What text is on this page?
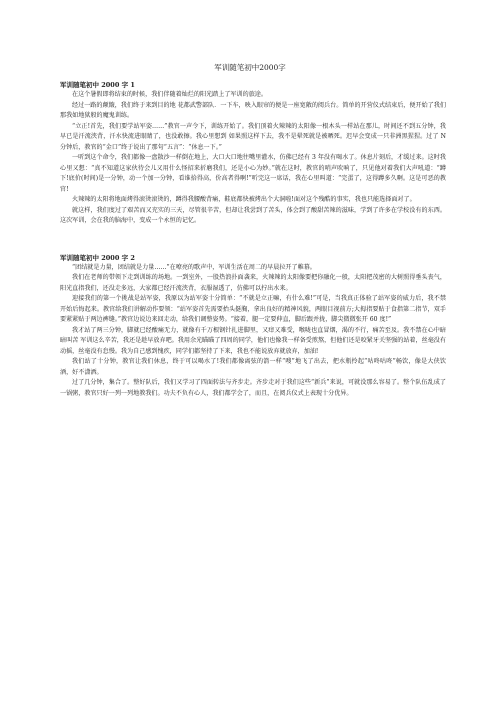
军训随笔初中2000字
军训随笔初中 2000 字 1

在这个暑假即将结束的时候，我们伴随着灿烂的阳光踏上了军训的旅途。

经过一路的颠簸，我们终于来到目的地 花都武警部队．一下车，映入眼帘的便是一座宽敞的阅兵台。简单的开营仪式结束后，便开始了我们那我如地狱般的魔鬼训练。

“立正!首先，我们要学站军姿……”教官一声令下，训练开始了。我们顶着火辣辣的太阳像一根木头一样站在那儿，时间还不到五分钟，我早已是汗流浃背，汗水快流进眼睛了，也没敢擦。我心里想到 如果照这样下去，我不是晕死就是被晒死。迟早会变成一只非洲黑猩猩。过了 N 分钟后，教官的“金口”终于说出了那句“五言”：“休息一下。”

一听到这个命令，我们都像一盘散沙一样倒在地上，大口大口地往嘴里灌水，仿佛已经有 3 年没有喝水了。休息片刻后，才缓过来。这时我心里又想：“真不知道这家伙待会儿又用什么怪招来折磨我们，还是小心为妙。”就在这时，教官的哨声吹响了，只见他对着我们大声吼道：“蹲下!底价(时间)是一分钟，动一个加一分钟，看谁拾得高，价高者得啊!”听完这一席话，我在心里叫道：“完蛋了，这得蹲多久啊。这是可恶的教官!

火辣辣的太阳将地面烤得滚烫滚烫的，蹲得我腰酸背痛，鞋底都快被烤出个大洞啦!面对这个残酷的事实，我也只能选择面对了。

就这样，我们度过了艰苦而又充实的三天，尽管很辛苦，但却让我尝到了苦头，体会到了酸甜苦辣的滋味，学到了许多在学校没有的东西。这次军训，会在我的脑海中，变成一个永恒的记忆。

军训随笔初中 2000 字 2

“团结就是力量，团结就是力量……”在嘹亮的歌声中，军训生活在周二的早晨拉开了帷幕。

我们在老师的带领下走到训练的场地。一到室外，一股热浪扑面袭来，火辣辣的太阳像要把你融化一般，太阳把茂密的大树照得垂头丧气，阳光直指我们，还没走多远，大家都已经汗流浃背，衣服湿透了，仿佛可以拧出水来。

迎接我们的第一个挑战是站军姿，我原以为站军姿十分简单：“不就是立正嘛，有什么难!”可是，当我真正体验了站军姿的威力后，我不禁开始后悔起来。教官给我们讲解动作要领：“站军姿首先需要抬头挺胸，拿出良好的精神风貌，两眼目视前方;大拇指要贴于食指第二指节，双手要紧紧贴于两边裤缝。”教官边说边来回走动，给我们调整姿势。“接着，腿一定要伸直，脚后跟并拢，脚尖微微张开 60 度!”

我才站了两三分钟，脚就已经酸痛无力，就像有千万根钢针扎进脚里，又痒又难受，喉咙也直冒烟，渴的不行，痛苦至及。我不禁在心中暗暗叫苦 军训这么辛苦，我还是趁早放弃吧。我用余光瞄瞄了四周的同学，他们也像我一样备受煎熬，但他们还是咬紧牙关坚强的站着，丝毫没有动摇，丝毫没有怠慢。我为自己感到愧疚，同学们都坚持了下来，我也不能说放弃就放弃，加油!

我们站了十分钟，教官让我们休息，终于可以喝水了!我们都像离弦的箭一样“嗖”地飞了出去，把水瓶拎起“咕咚咕咚”畅饮，像是大侠饮酒，好不潇洒。

过了几分钟，集合了。整好队后，我们又学习了四面转法与齐步走。齐步走对于我们这些“新兵”来说，可就没那么容易了。整个队伍乱成了一锅粥，教官只好一列一列地教我们。功夫不负有心人，我们都学会了，而且，在阅兵仪式上表现十分优异。
